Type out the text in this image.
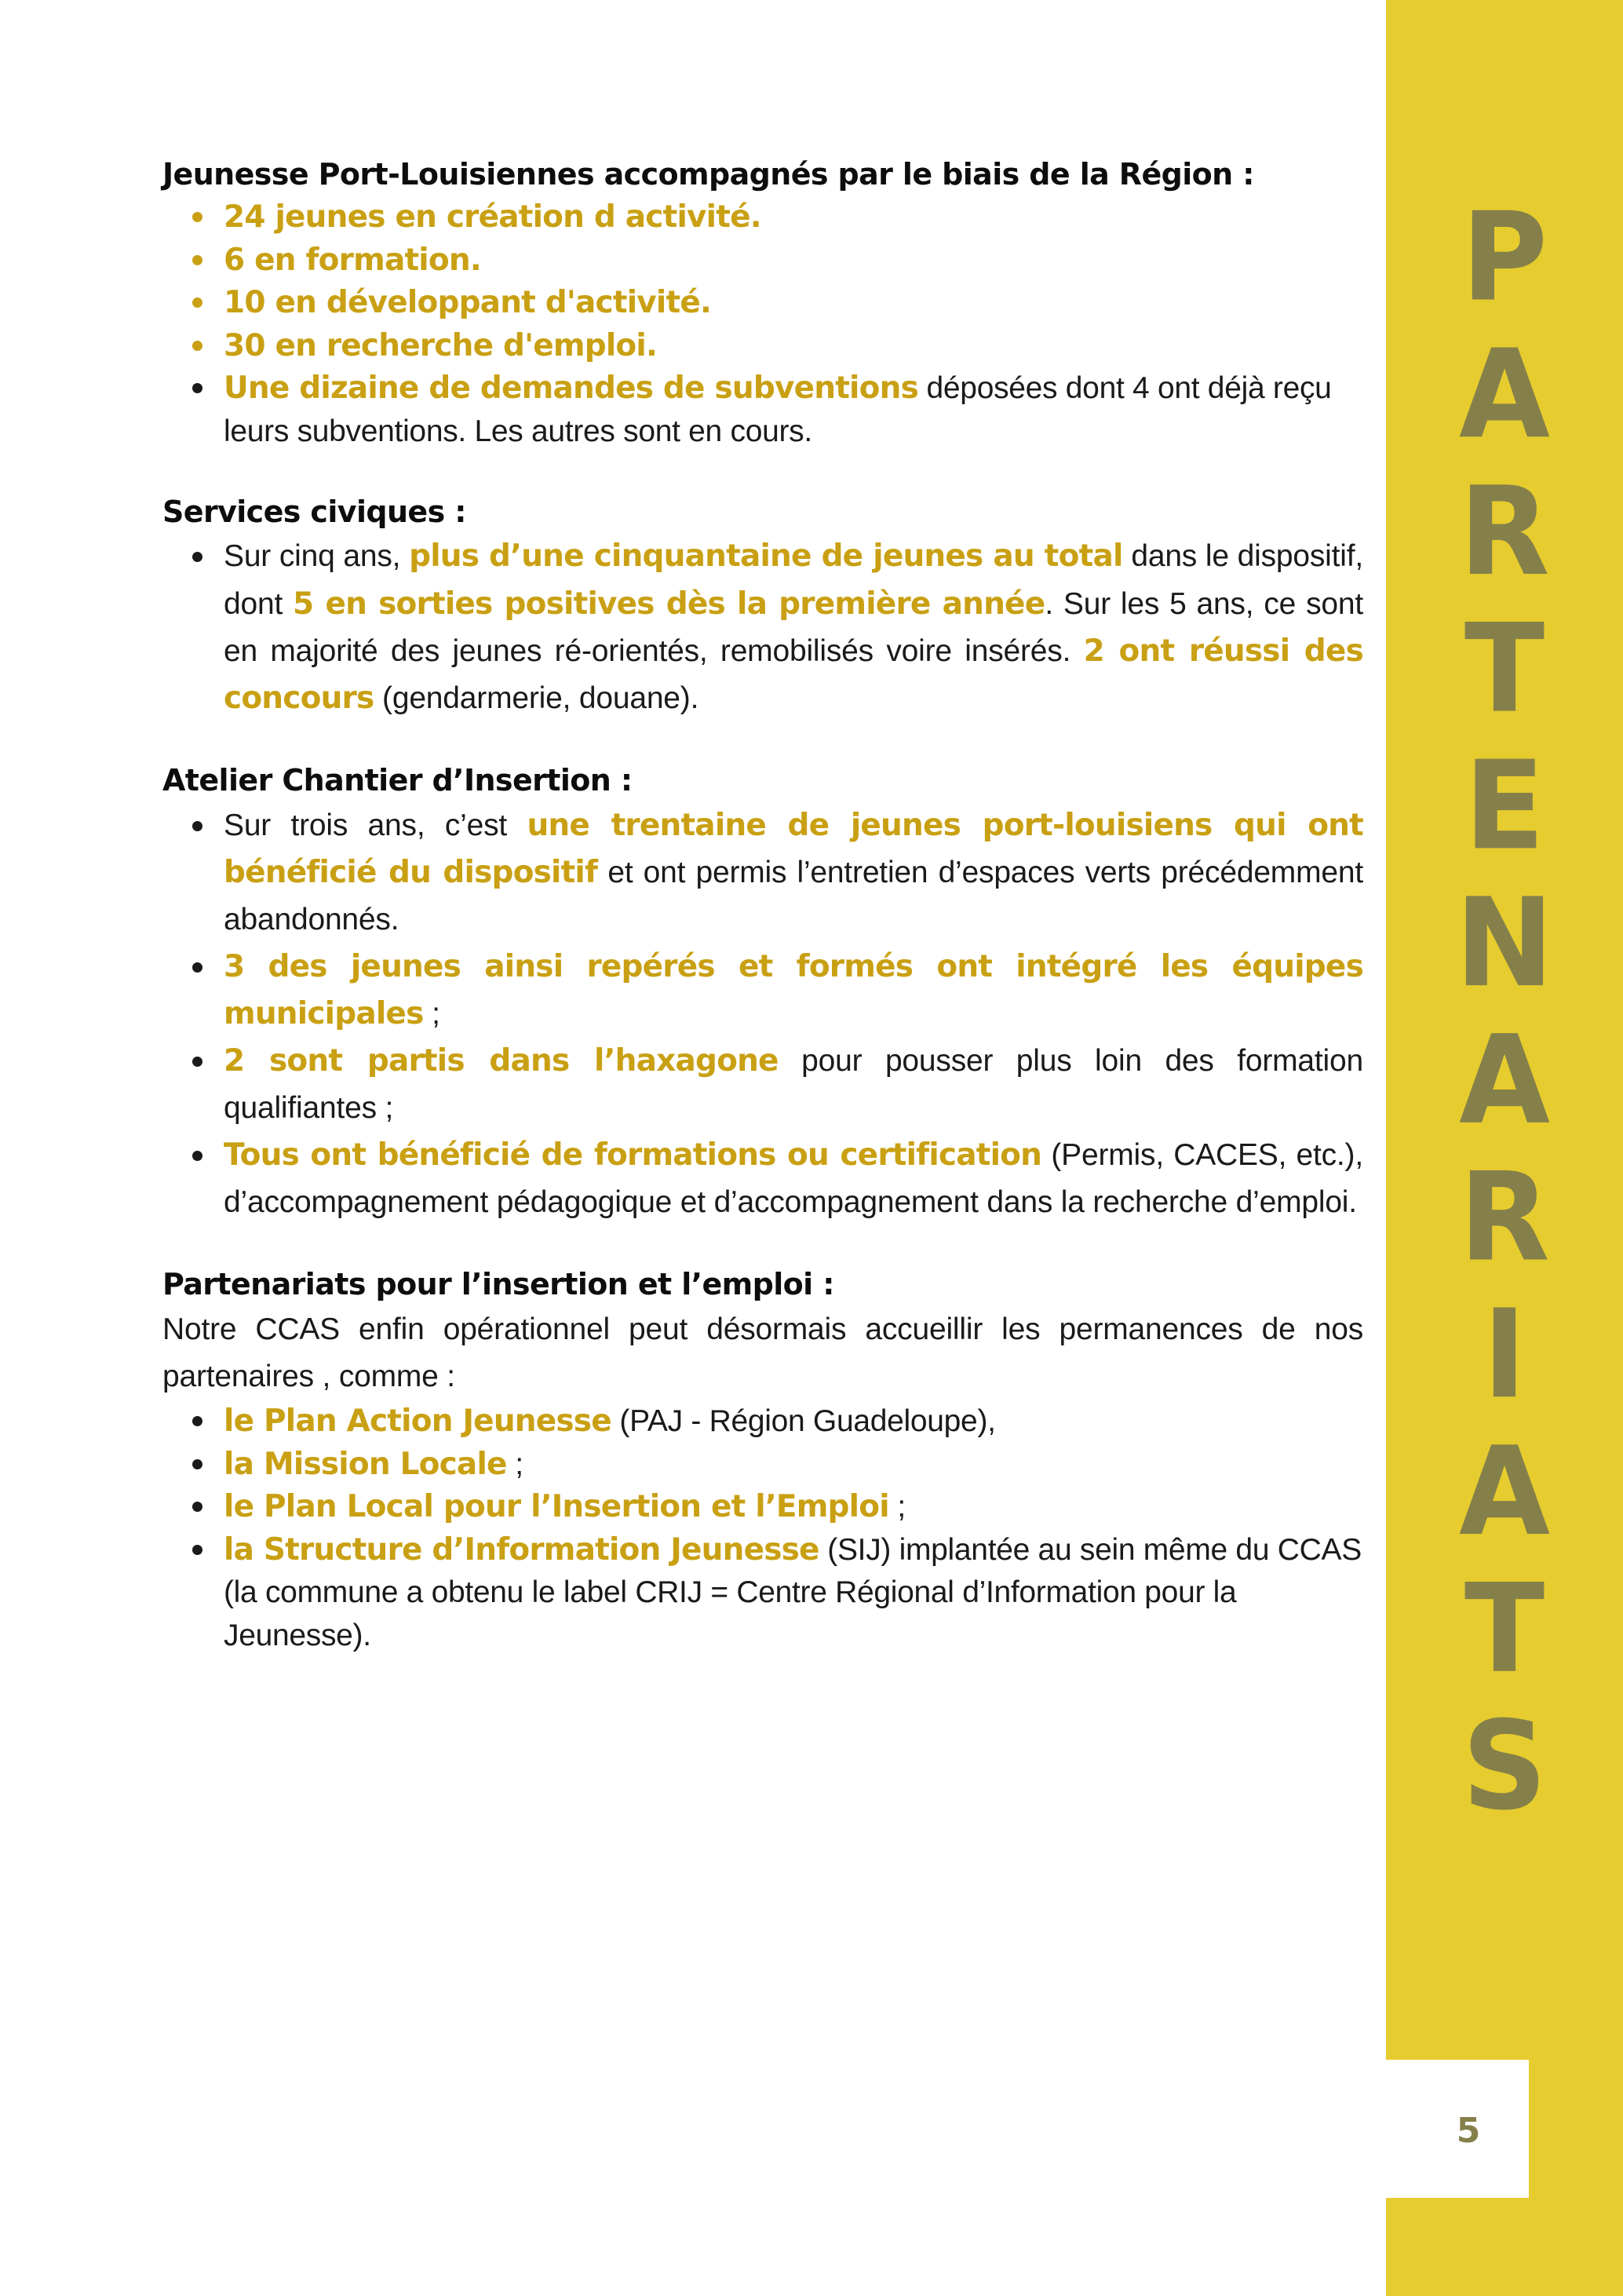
PARTENARIATS
5

Jeunesse Port-Louisiennes accompagnés par le biais de la Région :

24 jeunes en création d activité.
6 en formation.
10 en développant d'activité.
30 en recherche d'emploi.
Une dizaine de demandes de subventions déposées dont 4 ont déjà reçu leurs subventions. Les autres sont en cours.

Services civiques :

Sur cinq ans, plus d’une cinquantaine de jeunes au total dans le dispositif, dont 5 en sorties positives dès la première année. Sur les 5 ans, ce sont en majorité des jeunes ré-orientés, remobilisés voire insérés. 2 ont réussi des concours (gendarmerie, douane).

Atelier Chantier d’Insertion :

Sur trois ans, c’est une trentaine de jeunes port-louisiens qui ont bénéficié du dispositif et ont permis l’entretien d’espaces verts précédemment abandonnés.
3 des jeunes ainsi repérés et formés ont intégré les équipes municipales ;
2 sont partis dans l’haxagone pour pousser plus loin des formation qualifiantes ;
Tous ont bénéficié de formations ou certification (Permis, CACES, etc.), d’accompagnement pédagogique et d’accompagnement dans la recherche d’emploi.

Partenariats pour l’insertion et l’emploi :

Notre CCAS enfin opérationnel peut désormais accueillir les permanences de nos partenaires , comme :

le Plan Action Jeunesse (PAJ - Région Guadeloupe),
la Mission Locale ;
le Plan Local pour l’Insertion et l’Emploi ;
la Structure d’Information Jeunesse (SIJ) implantée au sein même du CCAS (la commune a obtenu le label CRIJ = Centre Régional d’Information pour la Jeunesse).
